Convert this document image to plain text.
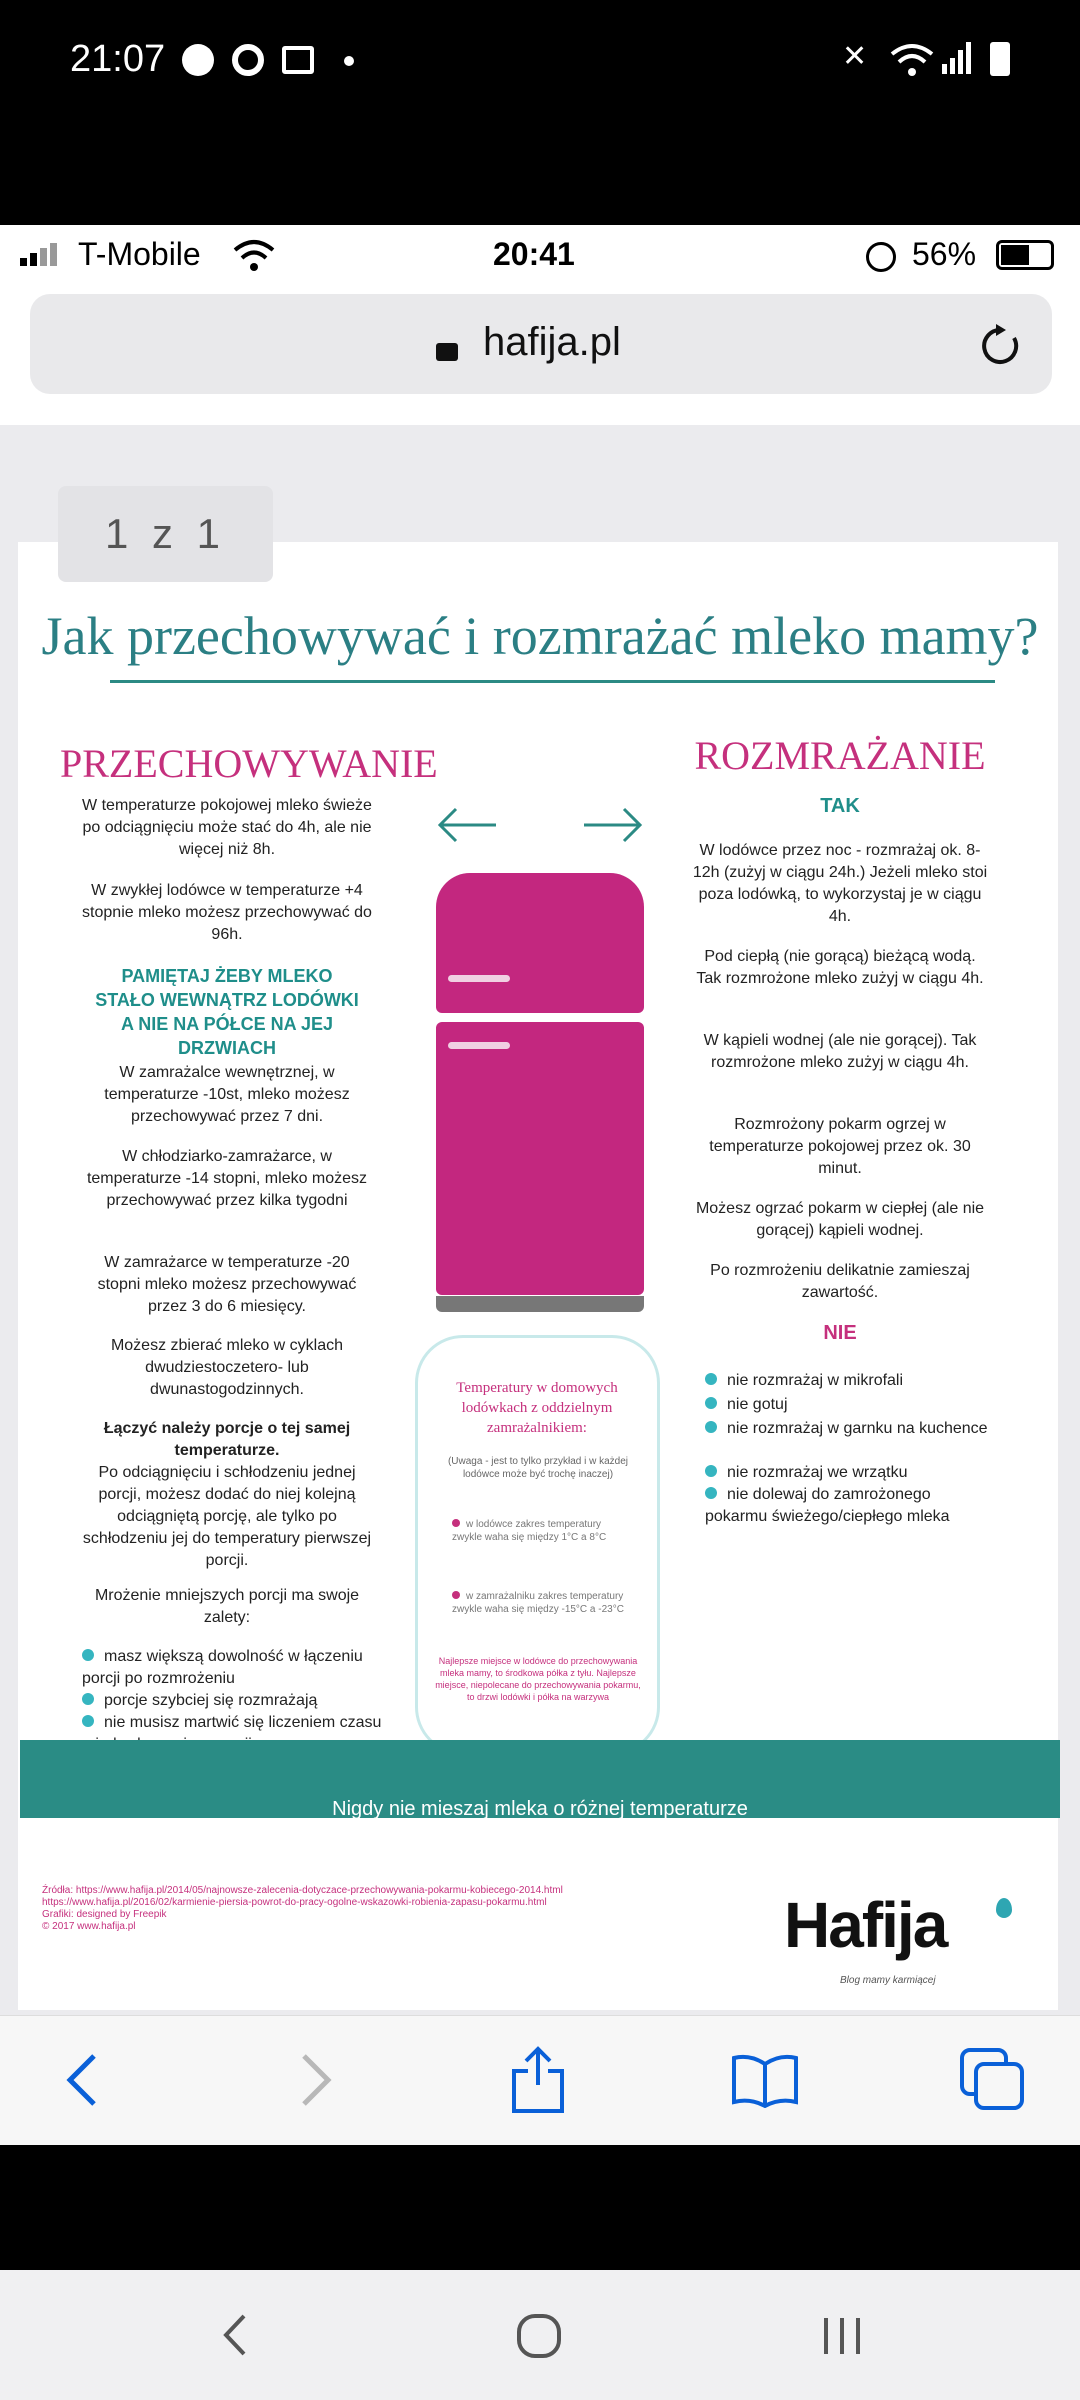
21:07	✕
T-Mobile	20:41	56%
hafija.pl
1 z 1
Jak przechowywać i rozmrażać mleko mamy?
PRZECHOWYWANIE
W temperaturze pokojowej mleko świeże po odciągnięciu może stać do 4h, ale nie więcej niż 8h.
W zwykłej lodówce w temperaturze +4 stopnie mleko możesz przechowywać do 96h.
PAMIĘTAJ ŻEBY MLEKO STAŁO WEWNĄTRZ LODÓWKI A NIE NA PÓŁCE NA JEJ DRZWIACH
W zamrażalce wewnętrznej, w temperaturze -10st, mleko możesz przechowywać przez 7 dni.
W chłodziarko-zamrażarce, w temperaturze -14 stopni, mleko możesz przechowywać przez kilka tygodni
W zamrażarce w temperaturze -20 stopni mleko możesz przechowywać przez 3 do 6 miesięcy.
Możesz zbierać mleko w cyklach dwudziestoczetero- lub dwunastogodzinnych.
Łączyć należy porcje o tej samej temperaturze.
Po odciągnięciu i schłodzeniu jednej porcji, możesz dodać do niej kolejną odciągniętą porcję, ale tylko po schłodzeniu jej do temperatury pierwszej porcji.
Mrożenie mniejszych porcji ma swoje zalety:
masz większą dowolność w łączeniu porcji po rozmrożeniu
porcje szybciej się rozmrażają
nie musisz martwić się liczeniem czasu
Temperatury w domowych lodówkach z oddzielnym zamrażalnikiem:
(Uwaga - jest to tylko przykład i w każdej lodówce może być trochę inaczej)
w lodówce zakres temperatury zwykle waha się między 1°C a 8°C
w zamrażalniku zakres temperatury zwykle waha się między -15°C a -23°C
Najlepsze miejsce w lodówce do przechowywania mleka mamy, to środkowa półka z tyłu. Najlepsze miejsce, niepolecane do przechowywania pokarmu, to drzwi lodówki i półka na warzywa
ROZMRAŻANIE
TAK
W lodówce przez noc - rozmrażaj ok. 8-12h (zużyj w ciągu 24h.) Jeżeli mleko stoi poza lodówką, to wykorzystaj je w ciągu 4h.
Pod ciepłą (nie gorącą) bieżącą wodą. Tak rozmrożone mleko zużyj w ciągu 4h.
W kąpieli wodnej (ale nie gorącej). Tak rozmrożone mleko zużyj w ciągu 4h.
Rozmrożony pokarm ogrzej w temperaturze pokojowej przez ok. 30 minut.
Możesz ogrzać pokarm w ciepłej (ale nie gorącej) kąpieli wodnej.
Po rozmrożeniu delikatnie zamieszaj zawartość.
NIE
nie rozmrażaj w mikrofali
nie gotuj
nie rozmrażaj w garnku na kuchence
nie rozmrażaj we wrzątku
nie dolewaj do zamrożonego pokarmu świeżego/ciepłego mleka
Nigdy nie mieszaj mleka o różnej temperaturze
Nigdy nie mroź ponownie mleka po jego rozmrożeniu.
Źródła: https://www.hafija.pl/2014/05/najnowsze-zalecenia-dotyczace-przechowywania-pokarmu-kobiecego-2014.html
https://www.hafija.pl/2016/02/karmienie-piersia-powrot-do-pracy-ogolne-wskazowki-robienia-zapasu-pokarmu.html
Grafiki: designed by Freepik
© 2017 www.hafija.pl	Hafija
Blog mamy karmiącej
